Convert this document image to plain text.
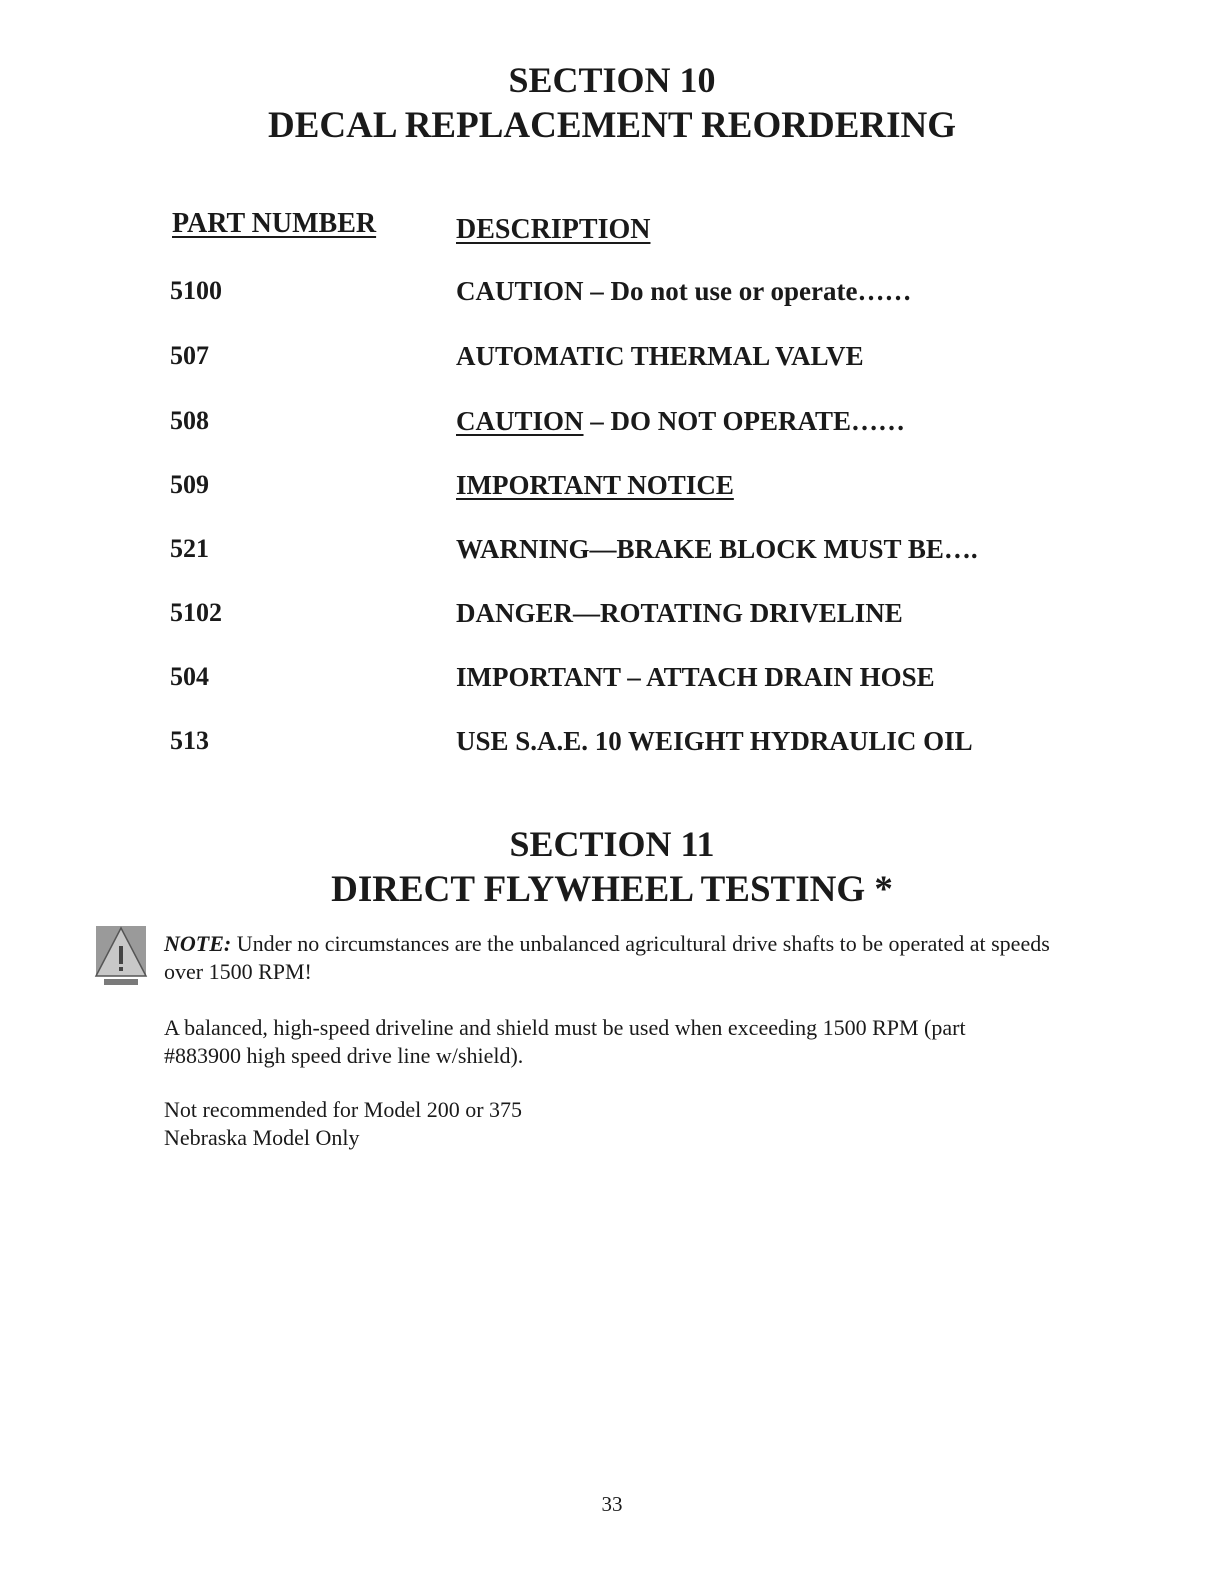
SECTION 10
DECAL REPLACEMENT REORDERING
PART NUMBER	DESCRIPTION
5100	CAUTION – Do not use or operate……
507	AUTOMATIC THERMAL VALVE
508	CAUTION – DO NOT OPERATE……
509	IMPORTANT NOTICE
521	WARNING—BRAKE BLOCK MUST BE….
5102	DANGER—ROTATING DRIVELINE
504	IMPORTANT – ATTACH DRAIN HOSE
513	USE S.A.E. 10 WEIGHT HYDRAULIC OIL
SECTION 11
DIRECT FLYWHEEL TESTING *
NOTE: Under no circumstances are the unbalanced agricultural drive shafts to be operated at speeds over 1500 RPM!
A balanced, high-speed driveline and shield must be used when exceeding 1500 RPM (part #883900 high speed drive line w/shield).
Not recommended for Model 200 or 375
Nebraska Model Only
33
